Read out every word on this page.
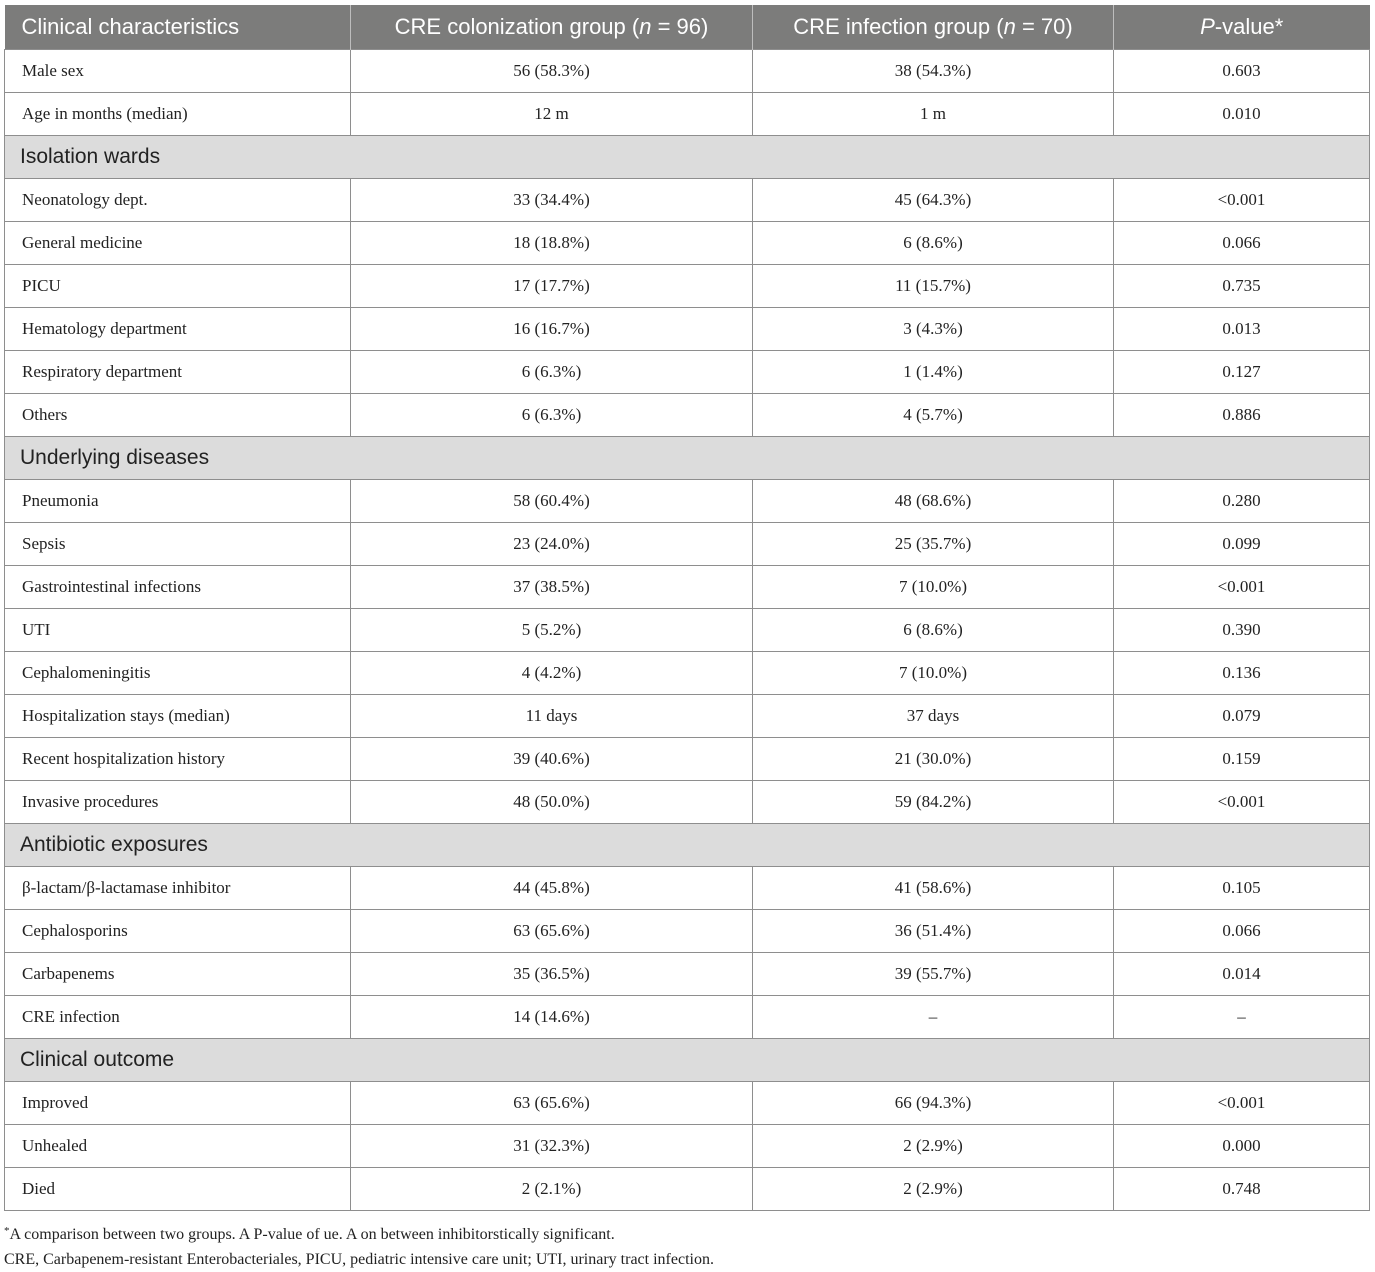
Clinical characteristics	CRE colonization group (n = 96)	CRE infection group (n = 70)	P-value*
Male sex	56 (58.3%)	38 (54.3%)	0.603
Age in months (median)	12 m	1 m	0.010
Isolation wards			
Neonatology dept.	33 (34.4%)	45 (64.3%)	<0.001
General medicine	18 (18.8%)	6 (8.6%)	0.066
PICU	17 (17.7%)	11 (15.7%)	0.735
Hematology department	16 (16.7%)	3 (4.3%)	0.013
Respiratory department	6 (6.3%)	1 (1.4%)	0.127
Others	6 (6.3%)	4 (5.7%)	0.886
Underlying diseases			
Pneumonia	58 (60.4%)	48 (68.6%)	0.280
Sepsis	23 (24.0%)	25 (35.7%)	0.099
Gastrointestinal infections	37 (38.5%)	7 (10.0%)	<0.001
UTI	5 (5.2%)	6 (8.6%)	0.390
Cephalomeningitis	4 (4.2%)	7 (10.0%)	0.136
Hospitalization stays (median)	11 days	37 days	0.079
Recent hospitalization history	39 (40.6%)	21 (30.0%)	0.159
Invasive procedures	48 (50.0%)	59 (84.2%)	<0.001
Antibiotic exposures			
β-lactam/β-lactamase inhibitor	44 (45.8%)	41 (58.6%)	0.105
Cephalosporins	63 (65.6%)	36 (51.4%)	0.066
Carbapenems	35 (36.5%)	39 (55.7%)	0.014
CRE infection	14 (14.6%)	–	–
Clinical outcome			
Improved	63 (65.6%)	66 (94.3%)	<0.001
Unhealed	31 (32.3%)	2 (2.9%)	0.000
Died	2 (2.1%)	2 (2.9%)	0.748
*A comparison between two groups. A P-value of ue. A on between inhibitorstically significant.
CRE, Carbapenem-resistant Enterobacteriales, PICU, pediatric intensive care unit; UTI, urinary tract infection.
